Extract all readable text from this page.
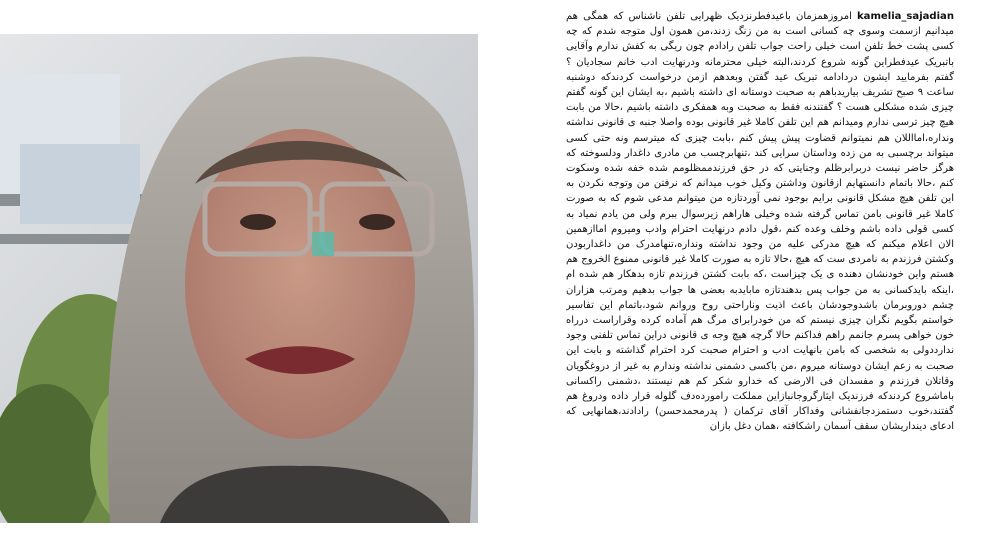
kamelia_sajadian امروزهمزمان باعیدفطرنزدیک ظهرایی تلفن ناشناس که همگی هم میدانیم ازسمت وسوی چه کسانی است به من زنگ زدند،من همون اول متوجه شدم که چه کسی پشت خط تلفن است خیلی راحت جواب تلفن رادادم چون ریگی به کفش ندارم وآقایی باتبریک عیدفطراین گونه شروع کردند،البته خیلی محترمانه ودرنهایت ادب خانم سجادیان ؟ گفتم بفرمایید ایشون دردادامه تبریک عید گفتن وبعدهم ازمن درخواست کردندکه دوشنبه ساعت ۹ صبح تشریف بیاریدباهم به صحبت دوستانه ای داشته باشیم ،به ایشان این گونه گفتم چیزی شده مشکلی هست ؟ گفتندنه فقط به صحبت وبه همفکری داشته باشیم ،حالا من بابت هیچ چیز ترسی ندارم ومیدانم هم این تلفن کاملا غیر قانونی بوده واصلا جنبه ی قانونی نداشته ونداره،امااللان هم نمیتوانم قضاوت پیش پیش کنم ،بابت چیزی که میترسم ونه حتی کسی میتواند برچسبی به من زده وداستان سرایی کند ،تنهابرچسب من مادری داغدار ودلسوخته که هرگز حاضر نیست دربرابرظلم وجنایتی که در حق فرزندممظلومم شده خفه شده وسکوت کنم ،حالا باتمام دانستهایم ازقانون وداشتن وکیل خوب میدانم که نرفتن من وتوجه نکردن به این تلفن هیچ مشکل قانونی برایم بوجود نمی آوردتازه من میتوانم مدعی شوم که به صورت کاملا غیر قانونی بامن تماس گرفته شده وخیلی هاراهم زیرسوال ببرم ولی من یادم نمیاد به کسی قولی داده باشم وخلف وعده کنم ،قول دادم درنهایت احترام وادب ومیروم اماازهمین الان اعلام میکنم که هیچ مدرکی علیه من وجود نداشته ونداره،تنهامدرک من داغداربودن وکشتن فرزندم به نامردی ست که هیچ ،حالا تازه به صورت کاملا غیر قانونی ممنوع الخروج هم هستم واین خودنشان دهنده ی یک چیزاست ،که بابت کشتن فرزندم تازه بدهکار هم شده ام ،اینکه بایدکسانی به من جواب پس بدهندتازه مابایدبه بعضی ها جواب بدهیم ومرتب هزاران چشم دوروبرمان باشدوجودشان باعث اذیت وناراحتی روح وروانم شود،باتمام این تفاسیر خواستم بگویم نگران چیزی نیستم که من خودرابرای مرگ هم آماده کرده وقراراست درراه خون خواهی پسرم جانمم راهم فداکنم حالا گرچه هیچ وجه ی قانونی دراین تماس تلفنی وجود ندارددولی به شخصی که بامن بانهایت ادب و احترام صحبت کرد احترام گذاشته و بابت این صحبت به زعم ایشان دوستانه میروم ،من باکسی دشمنی نداشته وندارم به غیر از دروغگویان وقاتلان فرزندم و مفسدان فی الارضی که خدارو شکر کم هم نیستند ،دشمنی راکسانی باماشروع کردندکه فرزندیک ایثارگروجانبازاین مملکت رامورده‌دف گلوله قرار داده ودروغ هم گفتند،خوب دستمزدجانفشانی وفداکار آقای ترکمان ( پدرمحمدحسن) رادادند،همانهایی که ادعای دینداریشان سقف آسمان راشکافته ،همان دغل بازان
